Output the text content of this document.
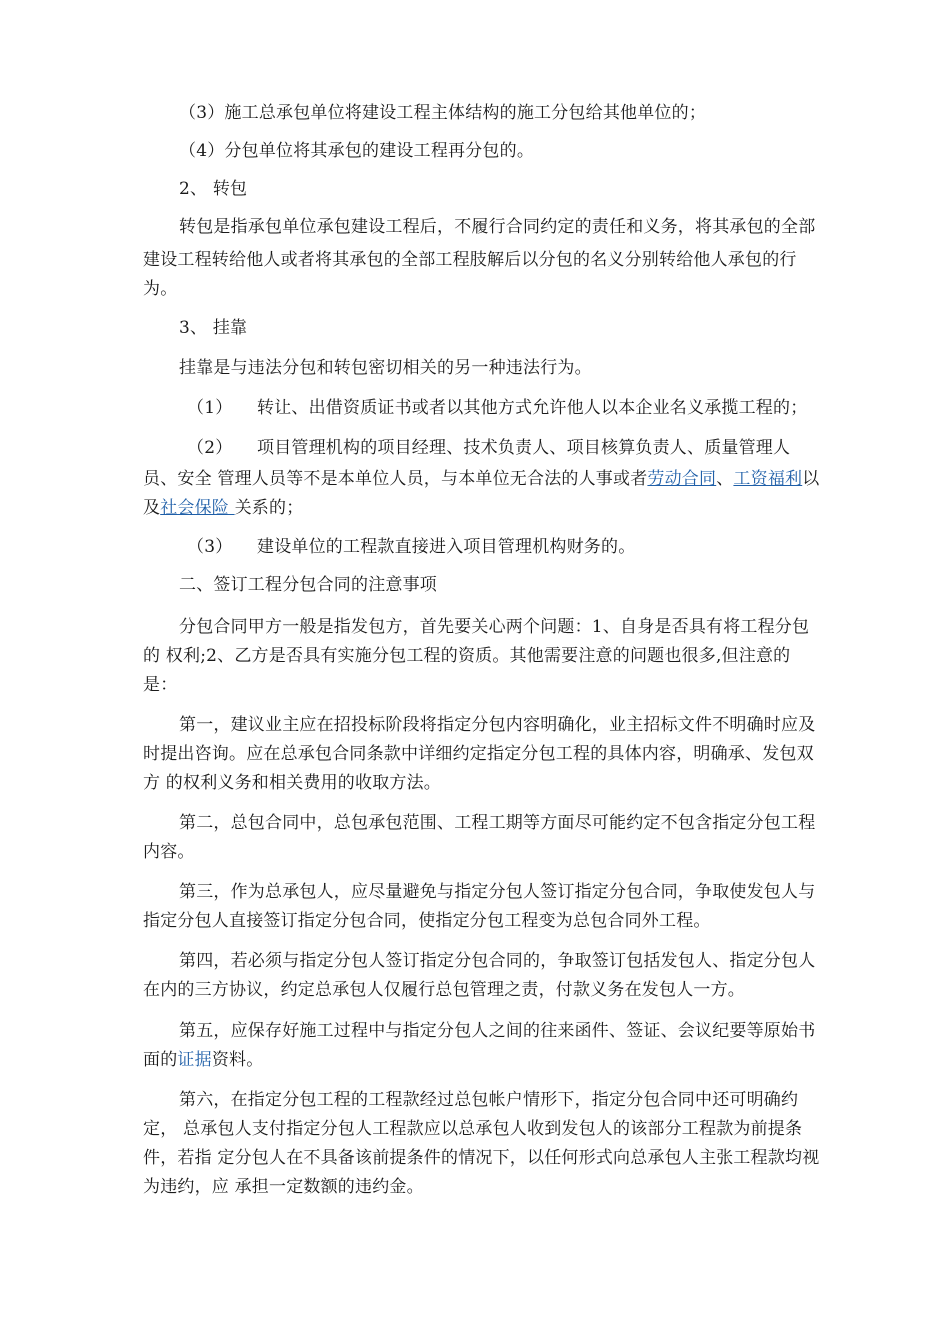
（3）施工总承包单位将建设工程主体结构的施工分包给其他单位的；
（4）分包单位将其承包的建设工程再分包的。
2、 转包
转包是指承包单位承包建设工程后，不履行合同约定的责任和义务，将其承包的全部
建设工程转给他人或者将其承包的全部工程肢解后以分包的名义分别转给他人承包的行
为。
3、 挂靠
挂靠是与违法分包和转包密切相关的另一种违法行为。
（1） 转让、出借资质证书或者以其他方式允许他人以本企业名义承揽工程的；
（2） 项目管理机构的项目经理、技术负责人、项目核算负责人、质量管理人
员、安全 管理人员等不是本单位人员，与本单位无合法的人事或者劳动合同、工资福利以
及社会保险 关系的；
（3） 建设单位的工程款直接进入项目管理机构财务的。
二、签订工程分包合同的注意事项
分包合同甲方一般是指发包方，首先要关心两个问题：1、自身是否具有将工程分包
的 权利;2、乙方是否具有实施分包工程的资质。其他需要注意的问题也很多,但注意的
是：
第一，建议业主应在招投标阶段将指定分包内容明确化，业主招标文件不明确时应及
时提出咨询。应在总承包合同条款中详细约定指定分包工程的具体内容，明确承、发包双
方 的权利义务和相关费用的收取方法。
第二，总包合同中，总包承包范围、工程工期等方面尽可能约定不包含指定分包工程
内容。
第三，作为总承包人，应尽量避免与指定分包人签订指定分包合同，争取使发包人与
指定分包人直接签订指定分包合同，使指定分包工程变为总包合同外工程。
第四，若必须与指定分包人签订指定分包合同的，争取签订包括发包人、指定分包人
在内的三方协议，约定总承包人仅履行总包管理之责，付款义务在发包人一方。
第五，应保存好施工过程中与指定分包人之间的往来函件、签证、会议纪要等原始书
面的证据资料。
第六，在指定分包工程的工程款经过总包帐户情形下，指定分包合同中还可明确约
定， 总承包人支付指定分包人工程款应以总承包人收到发包人的该部分工程款为前提条
件，若指 定分包人在不具备该前提条件的情况下，以任何形式向总承包人主张工程款均视
为违约，应 承担一定数额的违约金。
